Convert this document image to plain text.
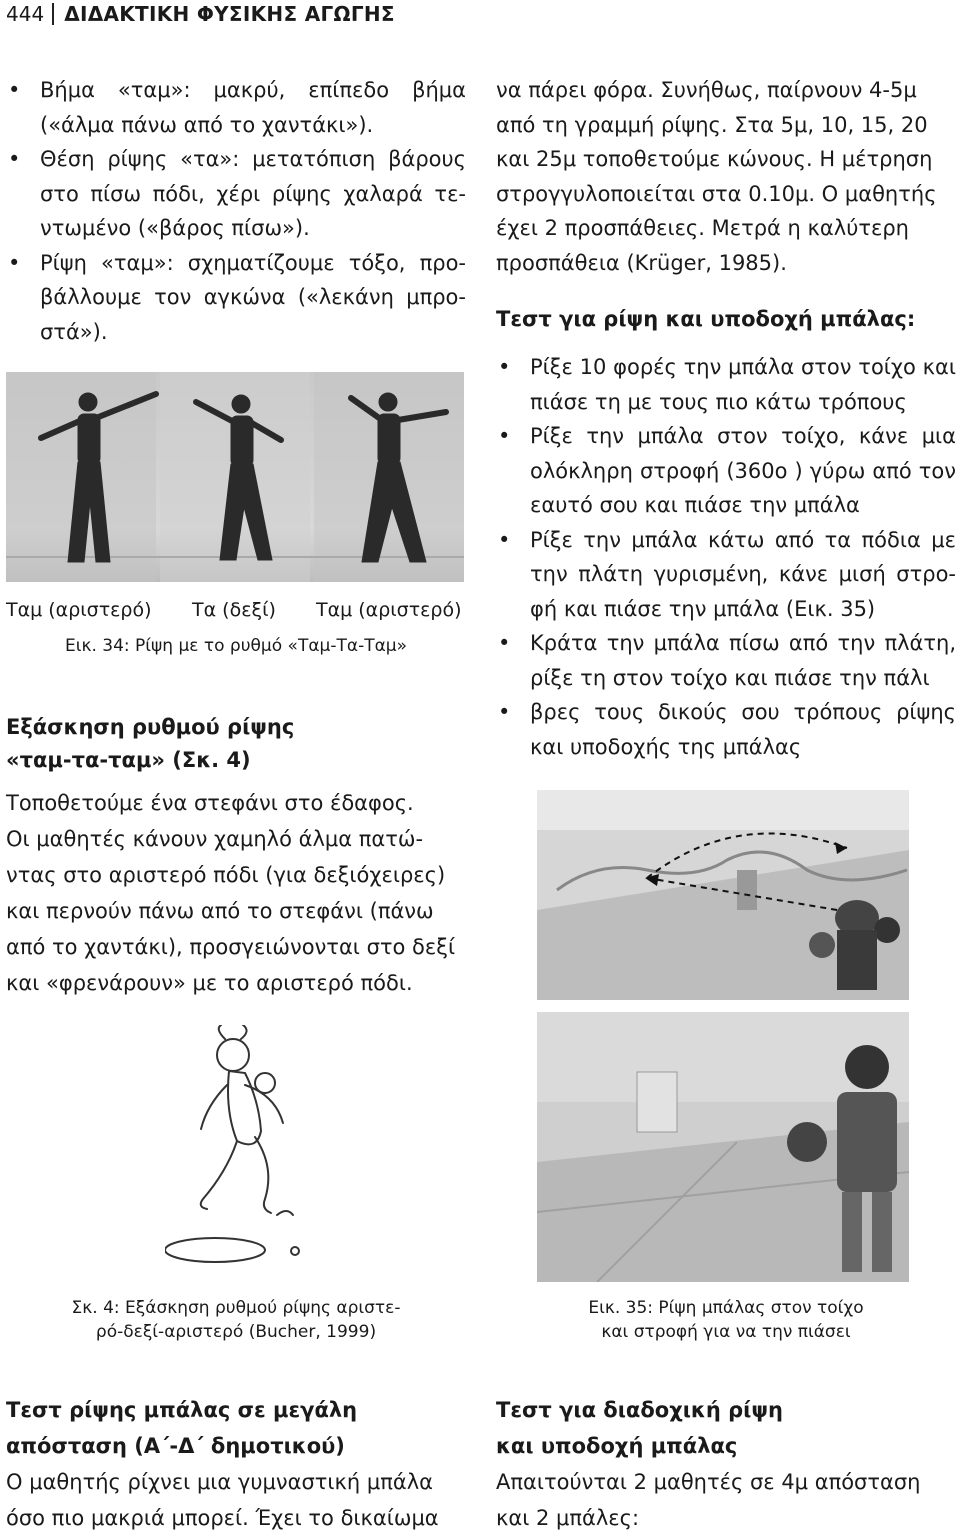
444 ΔΙΔΑΚΤΙΚΗ ΦΥΣΙΚΗΣ ΑΓΩΓΗΣ
• Βήμα «ταμ»: μακρύ, επίπεδο βήμα («άλμα πάνω από το χαντάκι»).
• Θέση ρίψης «τα»: μετατόπιση βάρους στο πίσω πόδι, χέρι ρίψης χαλαρά τε-ντωμένο («βάρος πίσω»).
• Ρίψη «ταμ»: σχηματίζουμε τόξο, προ-βάλλουμε τον αγκώνα («λεκάνη μπρο-στά»).
Ταμ (αριστερό) Τα (δεξί) Ταμ (αριστερό)
Εικ. 34: Ρίψη με το ρυθμό «Ταμ-Τα-Ταμ»
Εξάσκηση ρυθμού ρίψης
«ταμ-τα-ταμ» (Σκ. 4)
Τοποθετούμε ένα στεφάνι στο έδαφος.
Οι μαθητές κάνουν χαμηλό άλμα πατώ-
ντας στο αριστερό πόδι (για δεξιόχειρες)
και περνούν πάνω από το στεφάνι (πάνω
από το χαντάκι), προσγειώνονται στο δεξί
και «φρενάρουν» με το αριστερό πόδι.
Σκ. 4: Εξάσκηση ρυθμού ρίψης αριστε-
ρό-δεξί-αριστερό (Bucher, 1999)
Τεστ ρίψης μπάλας σε μεγάλη
απόσταση (Α΄-Δ΄ δημοτικού)
Ο μαθητής ρίχνει μια γυμναστική μπάλα
όσο πιο μακριά μπορεί. Έχει το δικαίωμα
να πάρει φόρα. Συνήθως, παίρνουν 4-5μ
από τη γραμμή ρίψης. Στα 5μ, 10, 15, 20
και 25μ τοποθετούμε κώνους. Η μέτρηση
στρογγυλοποιείται στα 0.10μ. Ο μαθητής
έχει 2 προσπάθειες. Μετρά η καλύτερη
προσπάθεια (Krüger, 1985).
Τεστ για ρίψη και υποδοχή μπάλας:
• Ρίξε 10 φορές την μπάλα στον τοίχο και πιάσε τη με τους πιο κάτω τρόπους
• Ρίξε την μπάλα στον τοίχο, κάνε μια ολόκληρη στροφή (360ο ) γύρω από τον εαυτό σου και πιάσε την μπάλα
• Ρίξε την μπάλα κάτω από τα πόδια με την πλάτη γυρισμένη, κάνε μισή στρο-φή και πιάσε την μπάλα (Εικ. 35)
• Κράτα την μπάλα πίσω από την πλάτη, ρίξε τη στον τοίχο και πιάσε την πάλι
• βρες τους δικούς σου τρόπους ρίψης και υποδοχής της μπάλας
Εικ. 35: Ρίψη μπάλας στον τοίχο
και στροφή για να την πιάσει
Τεστ για διαδοχική ρίψη
και υποδοχή μπάλας
Απαιτούνται 2 μαθητές σε 4μ απόσταση
και 2 μπάλες:
